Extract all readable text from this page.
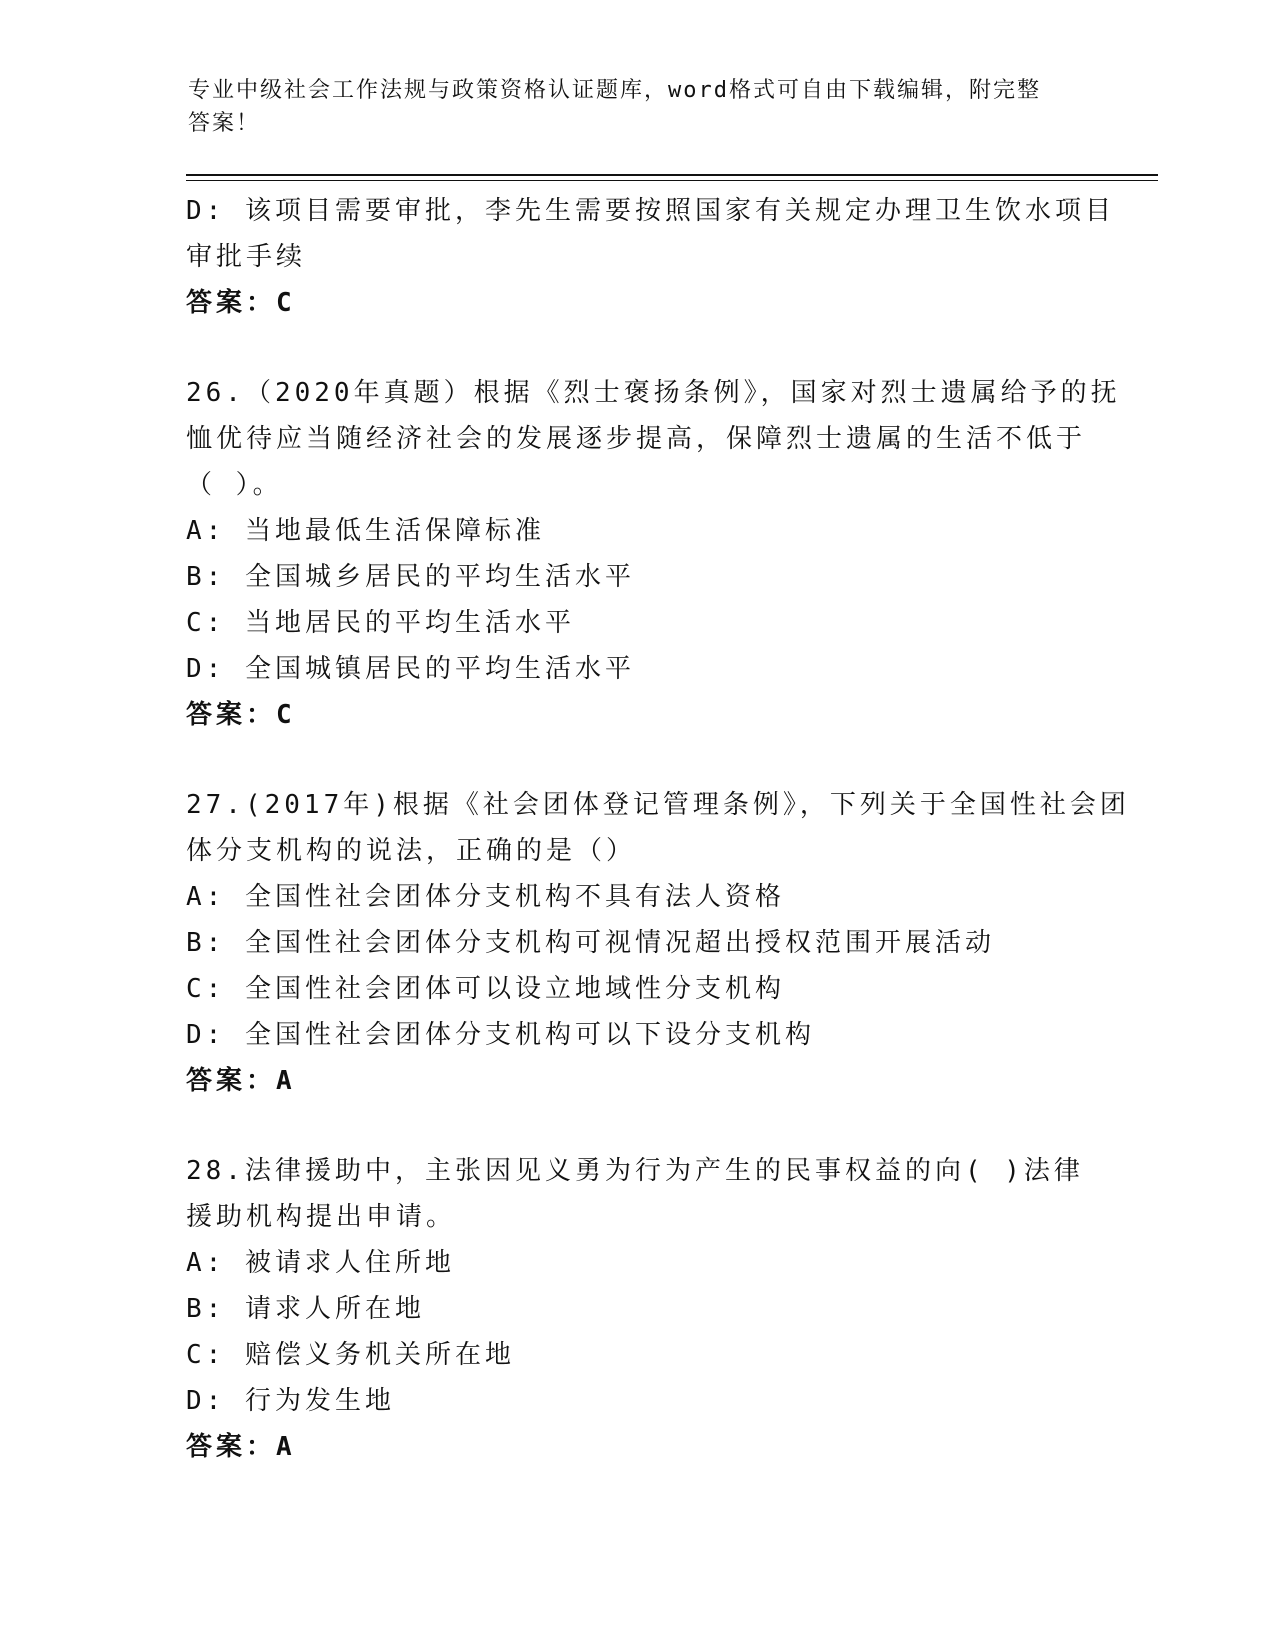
专业中级社会工作法规与政策资格认证题库，word格式可自由下载编辑，附完整
答案！
D: 该项目需要审批，李先生需要按照国家有关规定办理卫生饮水项目
审批手续
答案：C
26.（2020年真题）根据《烈士褒扬条例》，国家对烈士遗属给予的抚
恤优待应当随经济社会的发展逐步提高，保障烈士遗属的生活不低于
（ ）。
A: 当地最低生活保障标准
B: 全国城乡居民的平均生活水平
C: 当地居民的平均生活水平
D: 全国城镇居民的平均生活水平
答案：C
27.(2017年)根据《社会团体登记管理条例》，下列关于全国性社会团
体分支机构的说法，正确的是（）
A: 全国性社会团体分支机构不具有法人资格
B: 全国性社会团体分支机构可视情况超出授权范围开展活动
C: 全国性社会团体可以设立地域性分支机构
D: 全国性社会团体分支机构可以下设分支机构
答案：A
28.法律援助中，主张因见义勇为行为产生的民事权益的向( )法律
援助机构提出申请。
A: 被请求人住所地
B: 请求人所在地
C: 赔偿义务机关所在地
D: 行为发生地
答案：A
